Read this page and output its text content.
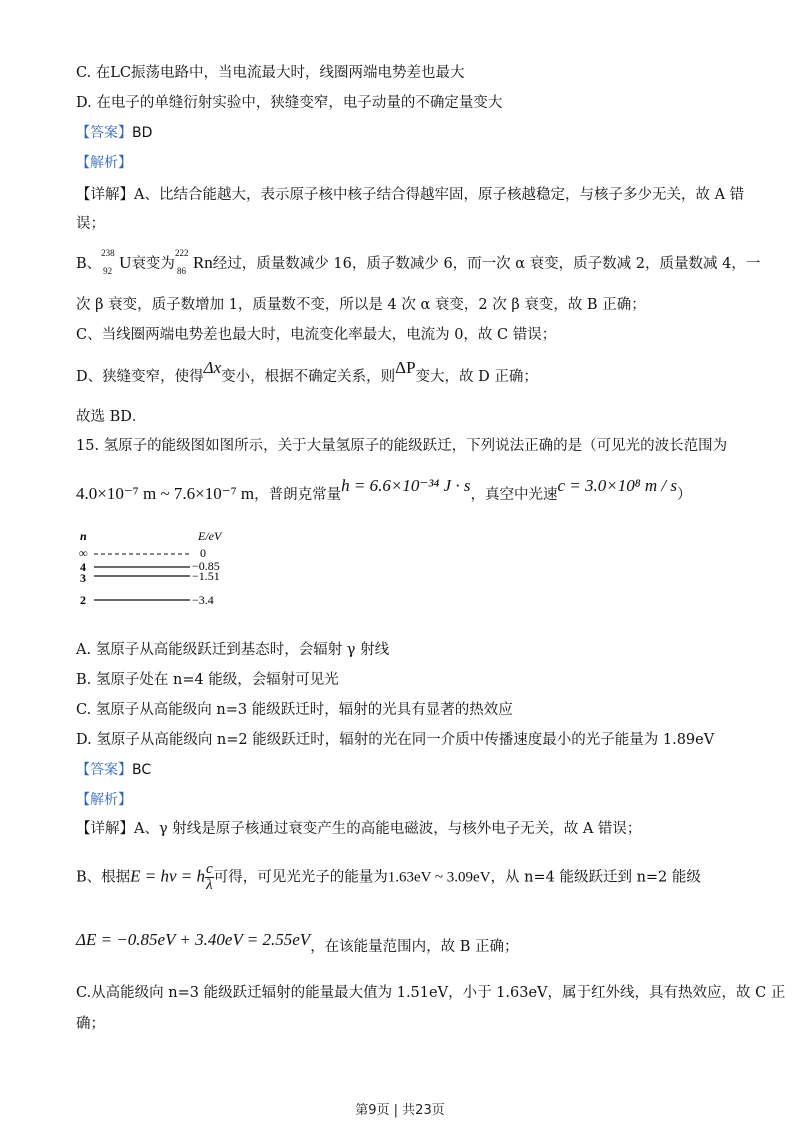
C. 在LC振荡电路中，当电流最大时，线圈两端电势差也最大
D. 在电子的单缝衍射实验中，狭缝变窄，电子动量的不确定量变大
【答案】BD
【解析】
【详解】A、比结合能越大，表示原子核中核子结合得越牢固，原子核越稳定，与核子多少无关，故 A 错
误；
B、
238
92 U衰变为
222
86 Rn经过，质量数减少 16，质子数减少 6，而一次 α 衰变，质子数减 2，质量数减 4，一
次 β 衰变，质子数增加 1，质量数不变，所以是 4 次 α 衰变，2 次 β 衰变，故 B 正确；
C、当线圈两端电势差也最大时，电流变化率最大，电流为 0，故 C 错误；
D、狭缝变窄，使得Δx变小，根据不确定关系，则ΔP变大，故 D 正确；
故选 BD．
15. 氢原子的能级图如图所示，关于大量氢原子的能级跃迁，下列说法正确的是（可见光的波长范围为
4.0×10⁻⁷ m ~ 7.6×10⁻⁷ m，普朗克常量h = 6.6×10⁻³⁴ J · s，真空中光速c = 3.0×10⁸ m / s）
n	E/eV
∞	0
4	−0.85
3	−1.51
2	−3.4
A. 氢原子从高能级跃迁到基态时，会辐射 γ 射线
B. 氢原子处在 n=4 能级，会辐射可见光
C. 氢原子从高能级向 n=3 能级跃迁时，辐射的光具有显著的热效应
D. 氢原子从高能级向 n=2 能级跃迁时，辐射的光在同一介质中传播速度最小的光子能量为 1.89eV
【答案】BC
【解析】
【详解】A、γ 射线是原子核通过衰变产生的高能电磁波，与核外电子无关，故 A 错误；
B、根据E = hν = h $\frac{c}{\lambda}$ 可得，可见光光子的能量为1.63eV ~ 3.09eV，从 n=4 能级跃迁到 n=2 能级
ΔE = −0.85eV + 3.40eV = 2.55eV，在该能量范围内，故 B 正确；
C.从高能级向 n=3 能级跃迁辐射的能量最大值为 1.51eV，小于 1.63eV，属于红外线，具有热效应，故 C 正
确；
第9页 | 共23页
